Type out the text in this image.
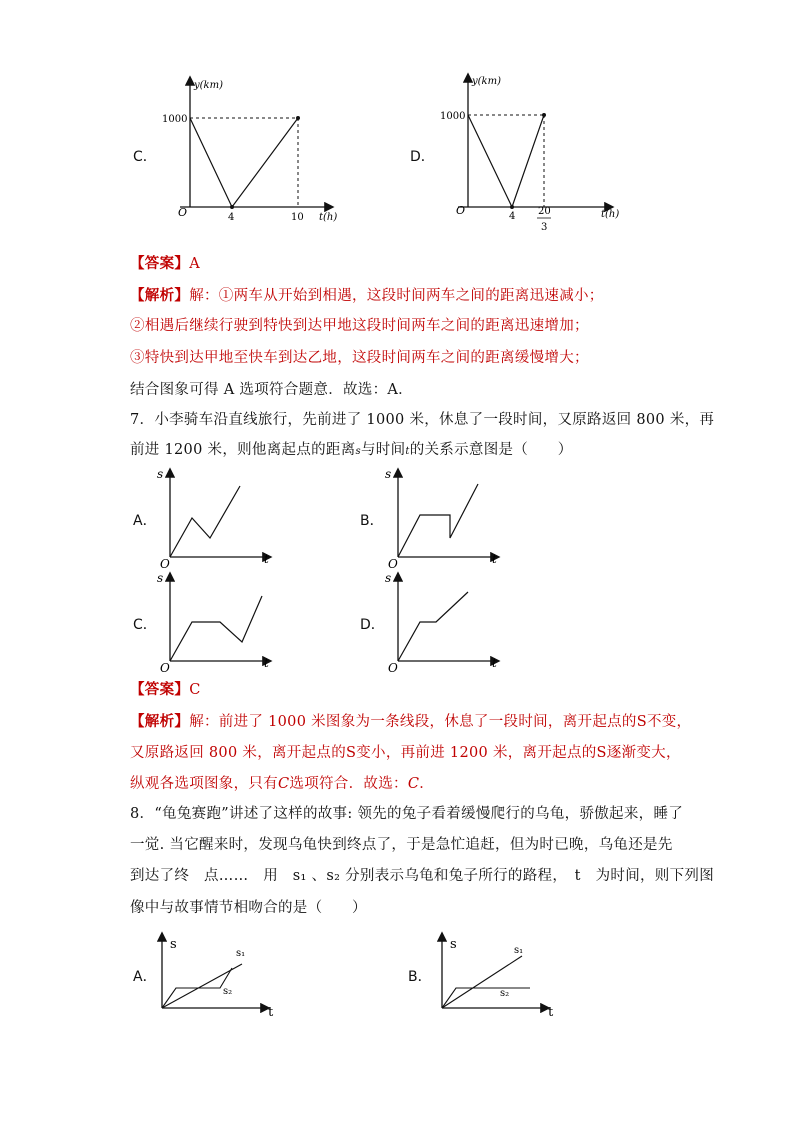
C．
y(km)
1000
O	4	10 t(h)
D．
y(km)
1000
O	4 20
3
t(h)
【答案】A
【解析】解：①两车从开始到相遇，这段时间两车之间的距离迅速减小；
②相遇后继续行驶到特快到达甲地这段时间两车之间的距离迅速增加；
③特快到达甲地至快车到达乙地，这段时间两车之间的距离缓慢增大；
结合图象可得 A 选项符合题意．故选：A．
7．小李骑车沿直线旅行，先前进了 1000 米，休息了一段时间，又原路返回 800 米，再
前进 1200 米，则他离起点的距离s与时间t的关系示意图是（　　）
A．
s
O	t
B．
s
O	t
C．
s
O	t
D．
s
O	t
【答案】C
【解析】解：前进了 1000 米图象为一条线段，休息了一段时间，离开起点的S不变，
又原路返回 800 米，离开起点的S变小，再前进 1200 米，离开起点的S逐渐变大，
纵观各选项图象，只有C选项符合．故选：C．
8．“龟兔赛跑”讲述了这样的故事: 领先的兔子看着缓慢爬行的乌龟，骄傲起来，睡了
一觉. 当它醒来时，发现乌龟快到终点了，于是急忙追赶，但为时已晚，乌龟还是先
到达了终　点……　用　s₁ 、s₂ 分别表示乌龟和兔子所行的路程，　t　为时间，则下列图
像中与故事情节相吻合的是（　　）
A．
s
s₁
s₂
t
B．
s	s₁
s₂
t
